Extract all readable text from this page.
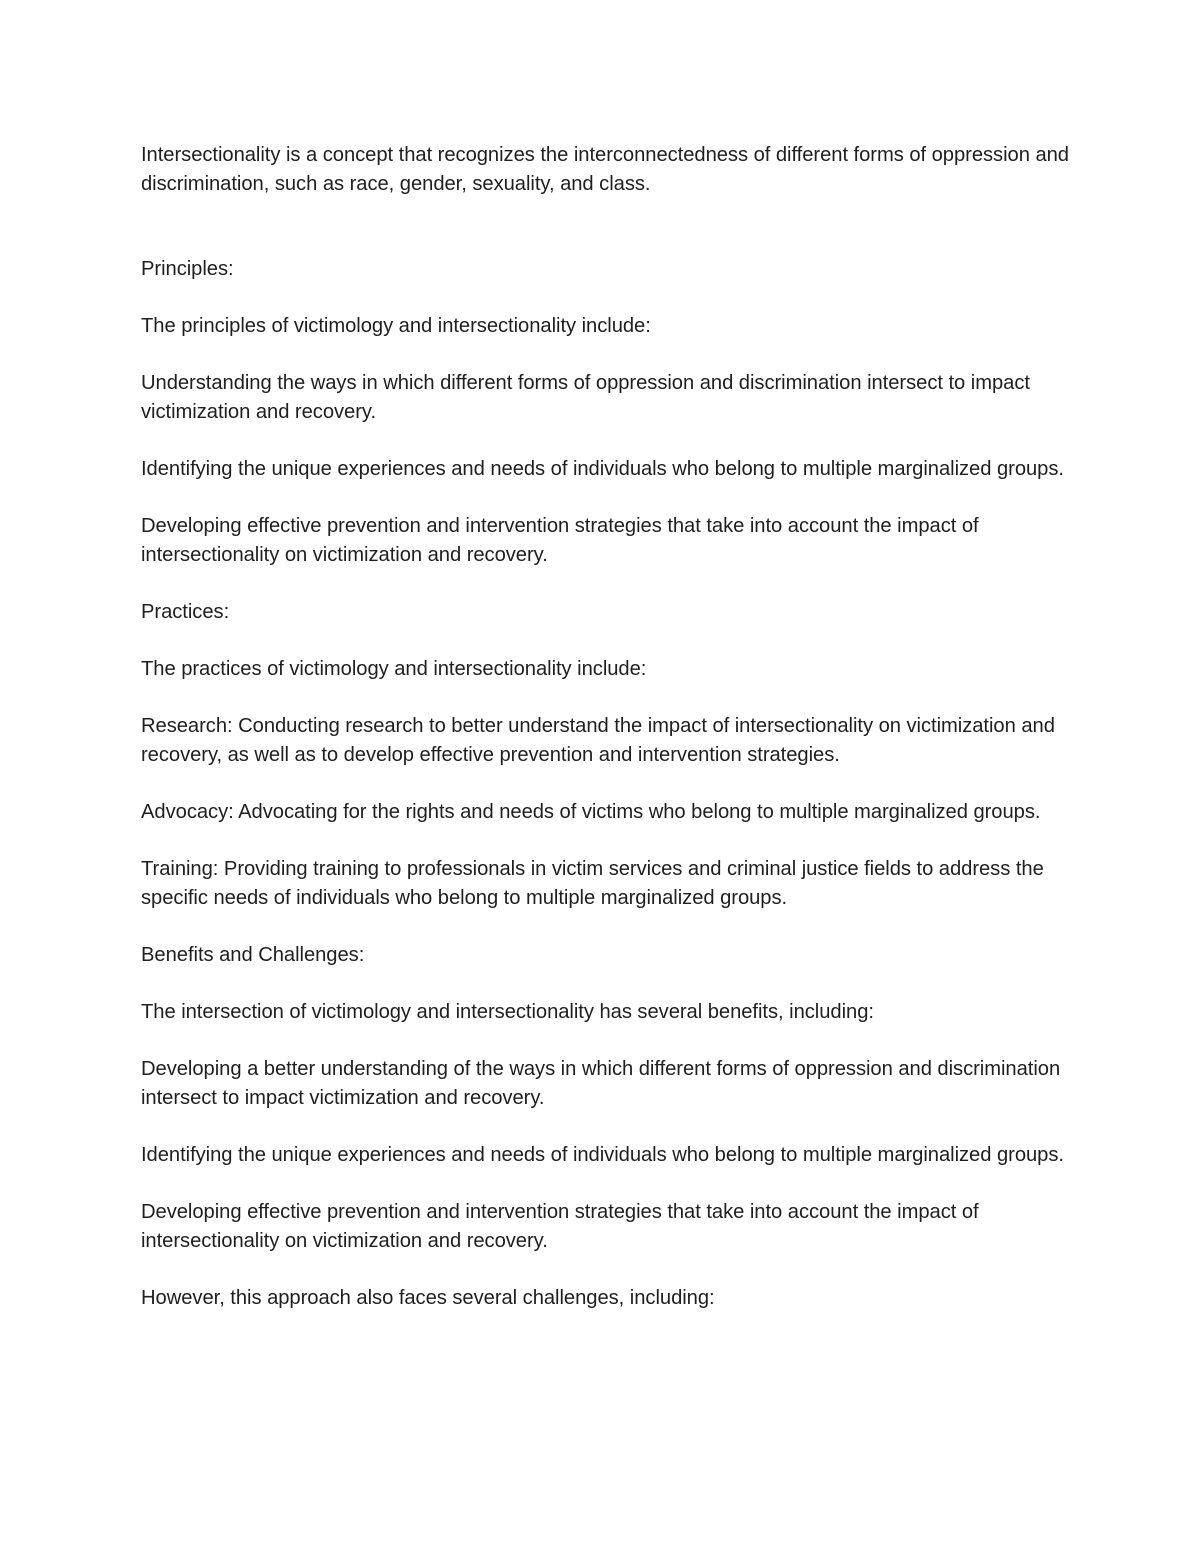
Intersectionality is a concept that recognizes the interconnectedness of different forms of oppression and discrimination, such as race, gender, sexuality, and class.

Principles:

The principles of victimology and intersectionality include:

Understanding the ways in which different forms of oppression and discrimination intersect to impact victimization and recovery.

Identifying the unique experiences and needs of individuals who belong to multiple marginalized groups.

Developing effective prevention and intervention strategies that take into account the impact of intersectionality on victimization and recovery.

Practices:

The practices of victimology and intersectionality include:

Research: Conducting research to better understand the impact of intersectionality on victimization and recovery, as well as to develop effective prevention and intervention strategies.

Advocacy: Advocating for the rights and needs of victims who belong to multiple marginalized groups.

Training: Providing training to professionals in victim services and criminal justice fields to address the specific needs of individuals who belong to multiple marginalized groups.

Benefits and Challenges:

The intersection of victimology and intersectionality has several benefits, including:

Developing a better understanding of the ways in which different forms of oppression and discrimination intersect to impact victimization and recovery.

Identifying the unique experiences and needs of individuals who belong to multiple marginalized groups.

Developing effective prevention and intervention strategies that take into account the impact of intersectionality on victimization and recovery.

However, this approach also faces several challenges, including:
